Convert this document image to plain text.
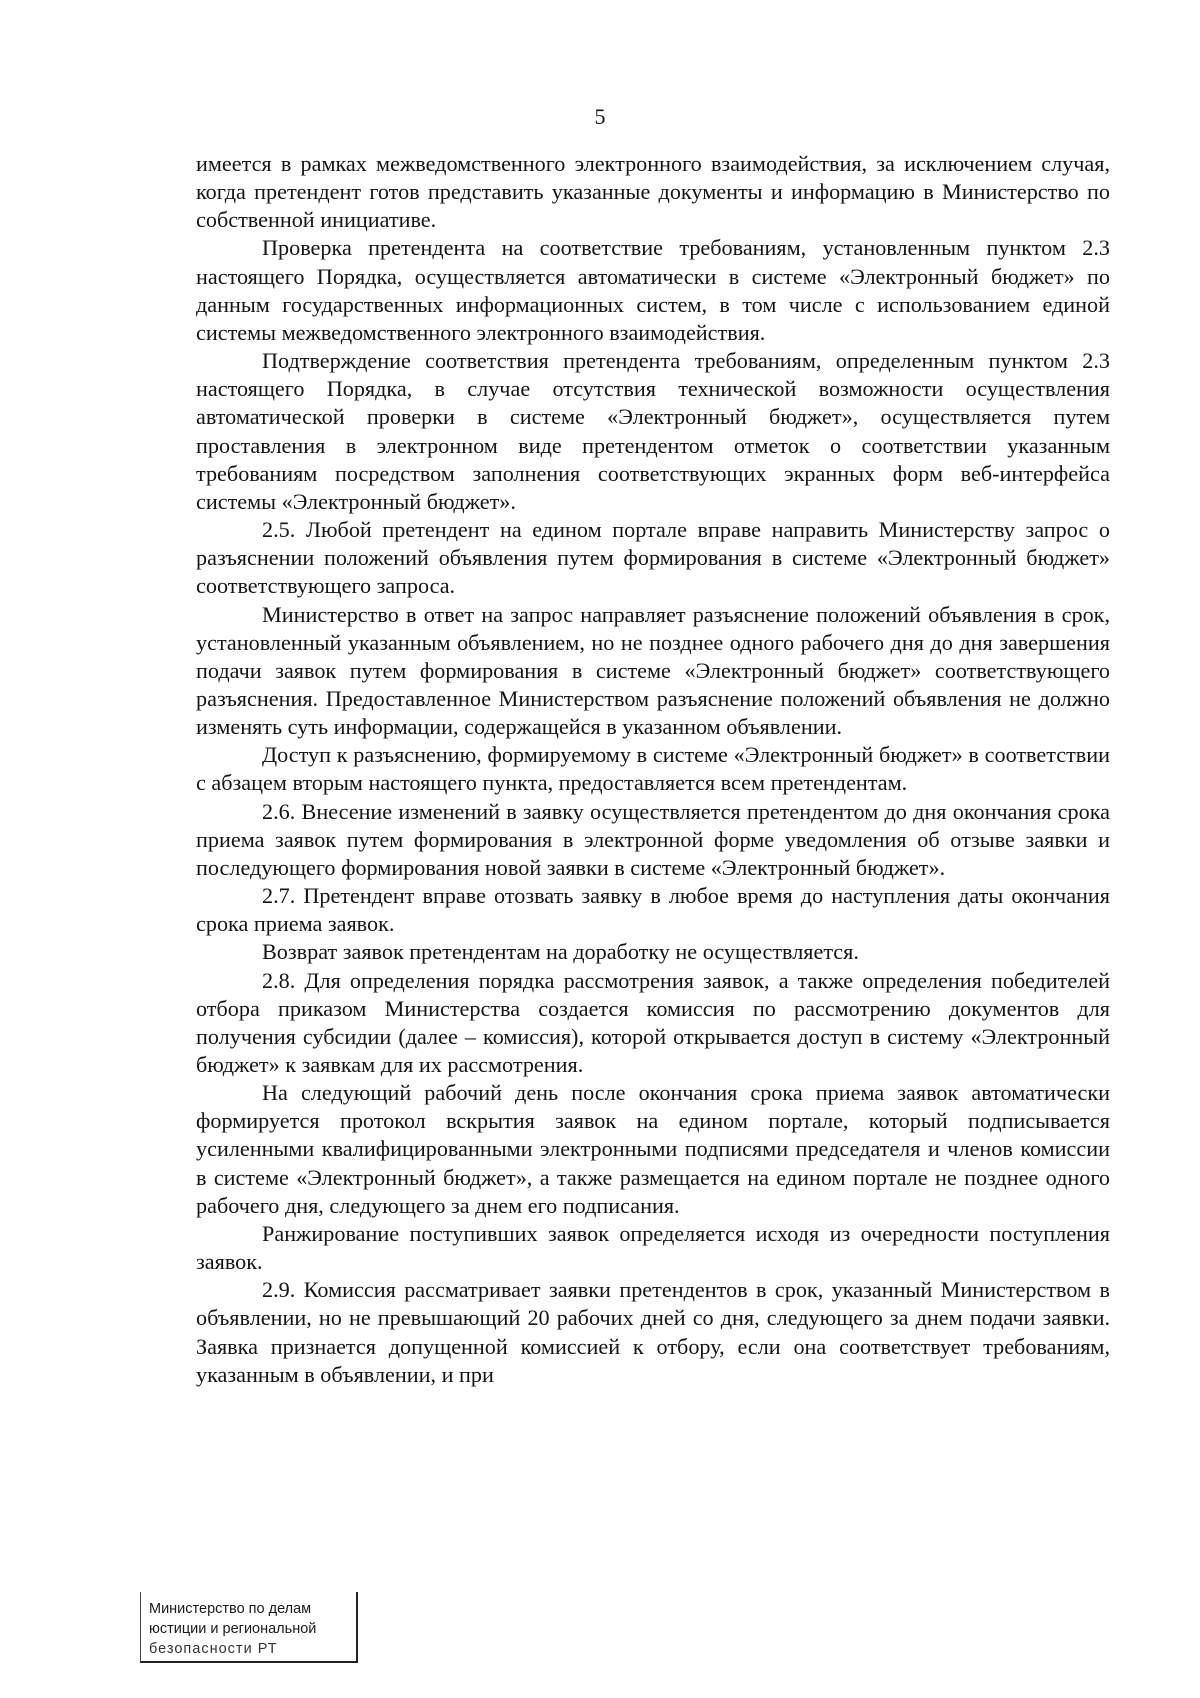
5

имеется в рамках межведомственного электронного взаимодействия, за исключением случая, когда претендент готов представить указанные документы и информацию в Министерство по собственной инициативе.

Проверка претендента на соответствие требованиям, установленным пунктом 2.3 настоящего Порядка, осуществляется автоматически в системе «Электронный бюджет» по данным государственных информационных систем, в том числе с использованием единой системы межведомственного электронного взаимодействия.

Подтверждение соответствия претендента требованиям, определенным пунктом 2.3 настоящего Порядка, в случае отсутствия технической возможности осуществления автоматической проверки в системе «Электронный бюджет», осуществляется путем проставления в электронном виде претендентом отметок о соответствии указанным требованиям посредством заполнения соответствующих экранных форм веб-интерфейса системы «Электронный бюджет».

2.5. Любой претендент на едином портале вправе направить Министерству запрос о разъяснении положений объявления путем формирования в системе «Электронный бюджет» соответствующего запроса.

Министерство в ответ на запрос направляет разъяснение положений объявления в срок, установленный указанным объявлением, но не позднее одного рабочего дня до дня завершения подачи заявок путем формирования в системе «Электронный бюджет» соответствующего разъяснения. Предоставленное Министерством разъяснение положений объявления не должно изменять суть информации, содержащейся в указанном объявлении.

Доступ к разъяснению, формируемому в системе «Электронный бюджет» в соответствии с абзацем вторым настоящего пункта, предоставляется всем претендентам.

2.6. Внесение изменений в заявку осуществляется претендентом до дня окончания срока приема заявок путем формирования в электронной форме уведомления об отзыве заявки и последующего формирования новой заявки в системе «Электронный бюджет».

2.7. Претендент вправе отозвать заявку в любое время до наступления даты окончания срока приема заявок.

Возврат заявок претендентам на доработку не осуществляется.

2.8. Для определения порядка рассмотрения заявок, а также определения победителей отбора приказом Министерства создается комиссия по рассмотрению документов для получения субсидии (далее – комиссия), которой открывается доступ в систему «Электронный бюджет» к заявкам для их рассмотрения.

На следующий рабочий день после окончания срока приема заявок автоматически формируется протокол вскрытия заявок на едином портале, который подписывается усиленными квалифицированными электронными подписями председателя и членов комиссии в системе «Электронный бюджет», а также размещается на едином портале не позднее одного рабочего дня, следующего за днем его подписания.

Ранжирование поступивших заявок определяется исходя из очередности поступления заявок.

2.9. Комиссия рассматривает заявки претендентов в срок, указанный Министерством в объявлении, но не превышающий 20 рабочих дней со дня, следующего за днем подачи заявки. Заявка признается допущенной комиссией к отбору, если она соответствует требованиям, указанным в объявлении, и при

Министерство по делам
юстиции и региональной
безопасности РТ
